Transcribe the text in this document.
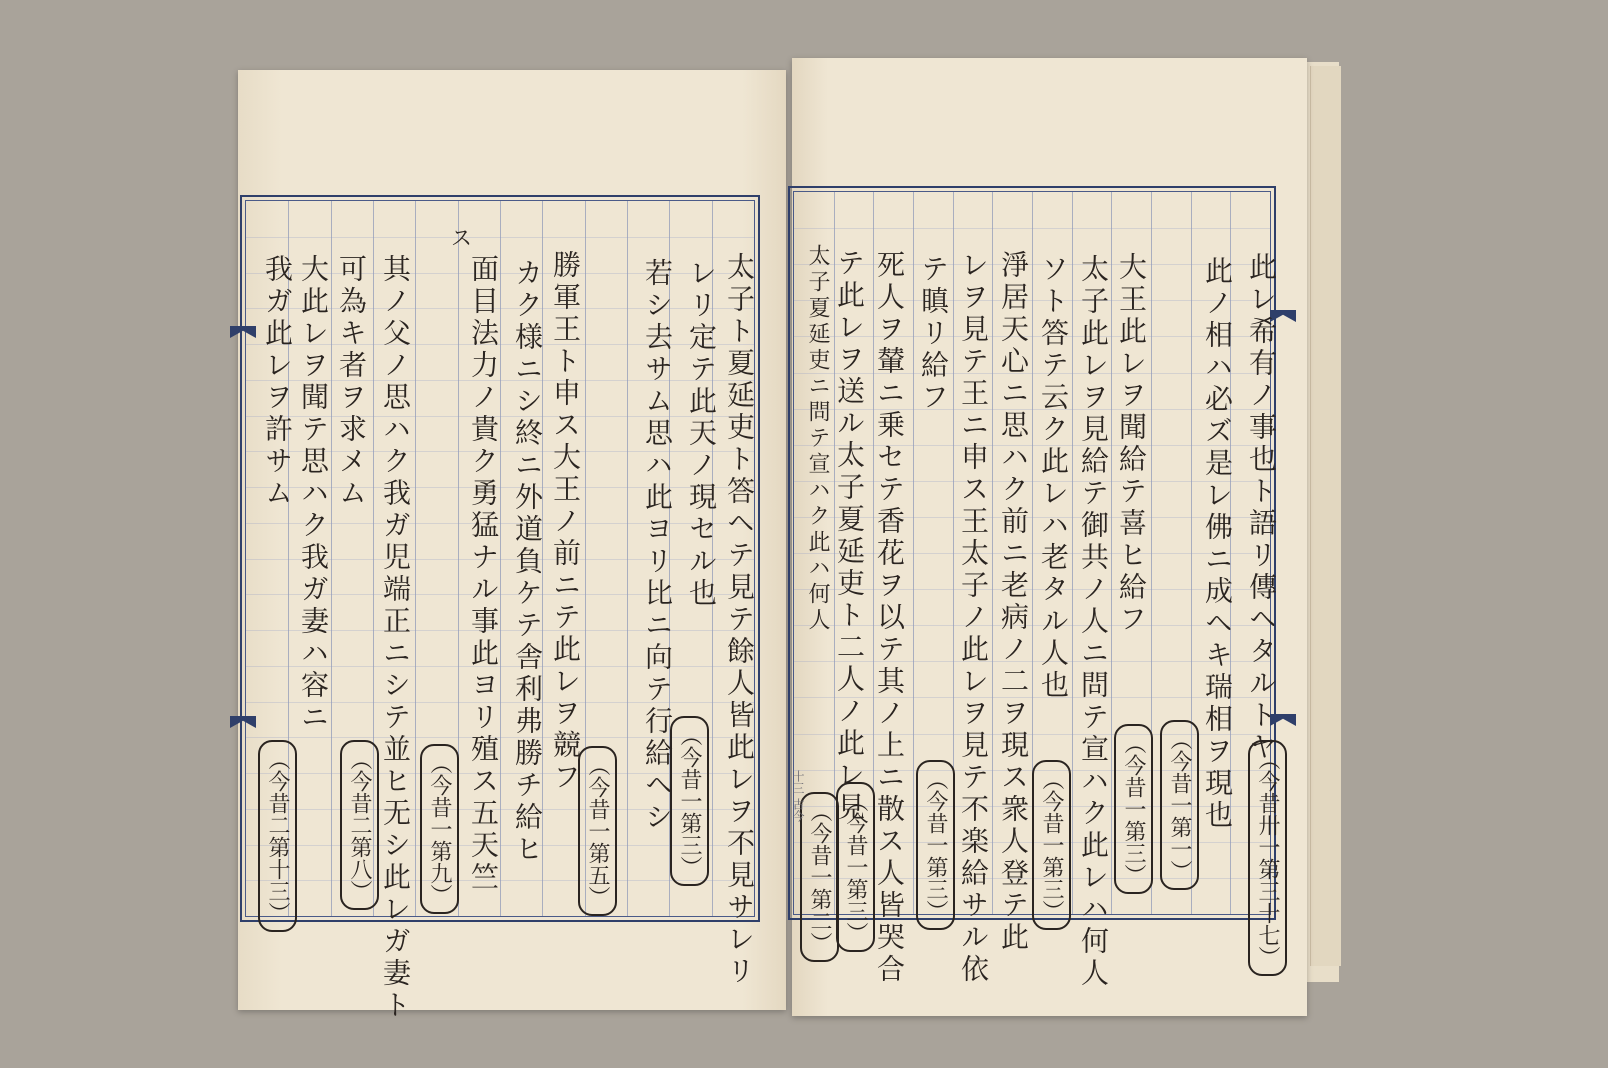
太子ト夏延吏ト答ヘテ見テ餘人皆此レヲ不見サレリ
レリ定テ此天ノ現セル也
若シ去サム思ハ此ヨリ比ニ向テ行給ヘシ
勝軍王ト申ス大王ノ前ニテ此レヲ競フ
カク様ニシ終ニ外道負ケテ舎利弗勝チ給ヒ
面目法力ノ貴ク勇猛ナル事此ヨリ殖ス五天竺
ス
其ノ父ノ思ハク我ガ児端正ニシテ並ヒ无シ此レガ妻ト
可為キ者ヲ求メム
大此レヲ聞テ思ハク我ガ妻ハ容ニ
我ガ此レヲ許サム
（今昔一第三）
（今昔一第五）
（今昔一第九）
（今昔二第八）
（今昔二第十三）
此レ希有ノ事也ト語リ傳ヘタルトヤ
此ノ相ハ必ズ是レ佛ニ成ヘキ瑞相ヲ現也
大王此レヲ聞給テ喜ヒ給フ
太子此レヲ見給テ御共ノ人ニ問テ宣ハク此レハ何人
ソト答テ云ク此レハ老タル人也
淨居天心ニ思ハク前ニ老病ノ二ヲ現ス衆人登テ此
レヲ見テ王ニ申ス王太子ノ此レヲ見テ不楽給サル依
テ瞋リ給フ
死人ヲ輦ニ乗セテ香花ヲ以テ其ノ上ニ散ス人皆哭合
テ此レヲ送ル太子夏延吏ト二人ノ此レ見
太子夏延吏ニ問テ宣ハク此ハ何人
（今昔卅一第三十七）
（今昔一第一）
（今昔一第三）
（今昔一第三）
（今昔一第三）
（今昔一第三）
（今昔一第二）
十三 古今
